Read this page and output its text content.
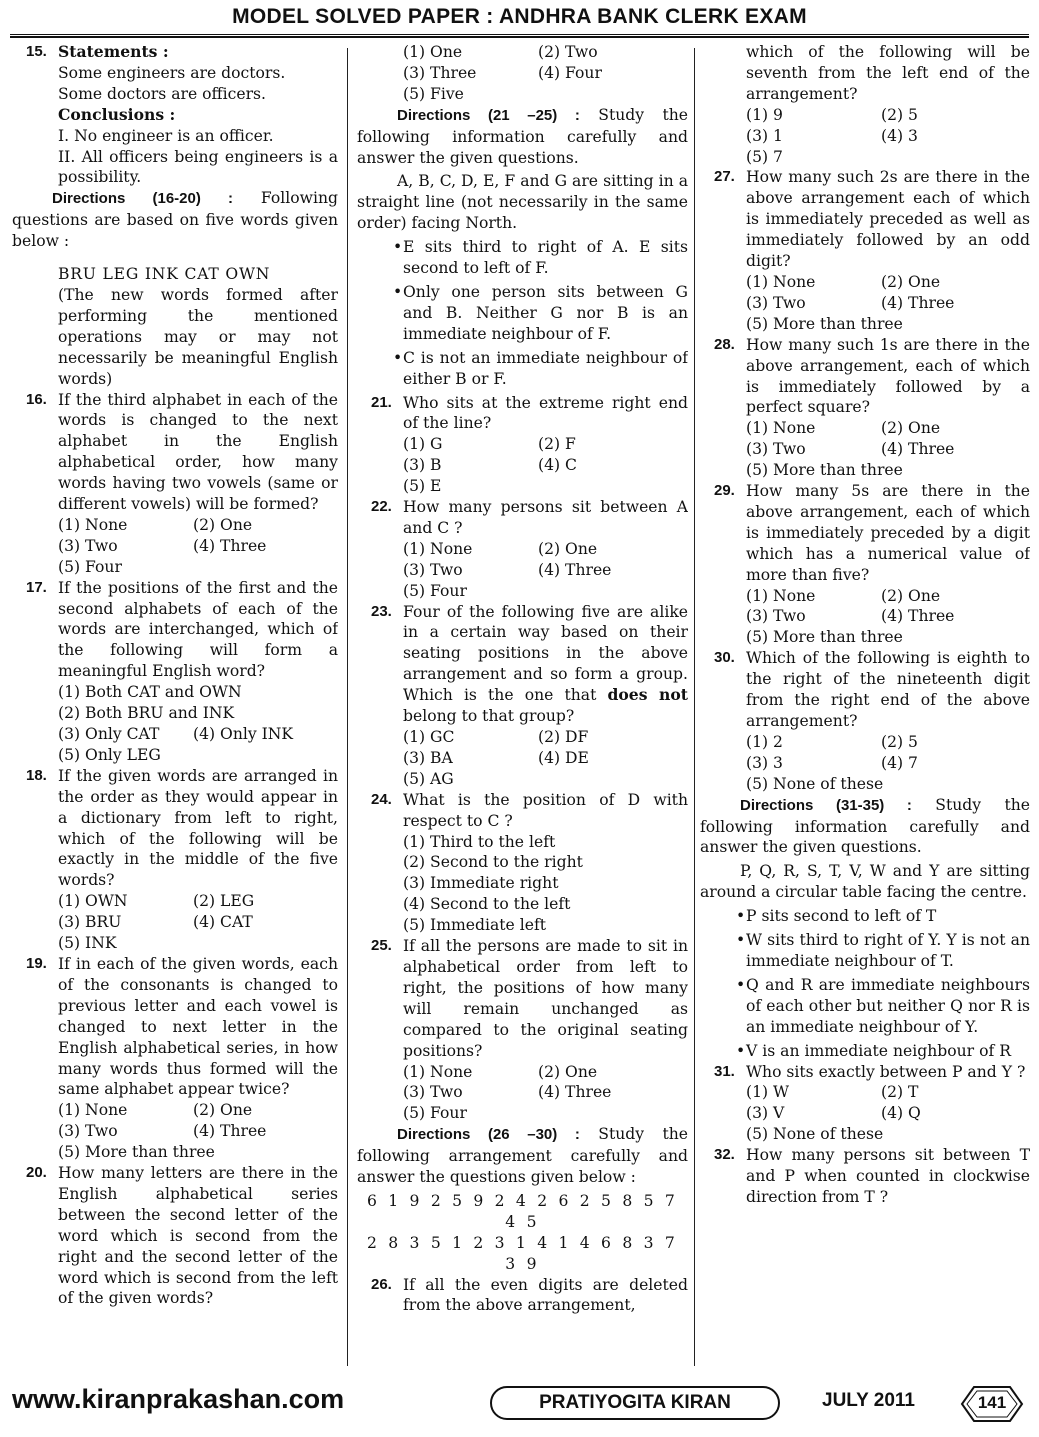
MODEL SOLVED PAPER : ANDHRA BANK CLERK EXAM
15. Statements :
Some engineers are doctors.
Some doctors are officers.
Conclusions :
I. No engineer is an officer.
II. All officers being engineers is a possibility.
Directions (16-20) : Following questions are based on five words given below :
BRU LEG INK CAT OWN
(The new words formed after performing the mentioned operations may or may not necessarily be meaningful English words)
16. If the third alphabet in each of the words is changed to the next alphabet in the English alphabetical order, how many words having two vowels (same or different vowels) will be formed?
(1) None	(2) One
(3) Two	(4) Three
(5) Four
17. If the positions of the first and the second alphabets of each of the words are interchanged, which of the following will form a meaningful English word?
(1) Both CAT and OWN
(2) Both BRU and INK
(3) Only CAT	(4) Only INK
(5) Only LEG
18. If the given words are arranged in the order as they would appear in a dictionary from left to right, which of the following will be exactly in the middle of the five words?
(1) OWN	(2) LEG
(3) BRU	(4) CAT
(5) INK
19. If in each of the given words, each of the consonants is changed to previous letter and each vowel is changed to next letter in the English alphabetical series, in how many words thus formed will the same alphabet appear twice?
(1) None	(2) One
(3) Two	(4) Three
(5) More than three
20. How many letters are there in the English alphabetical series between the second letter of the word which is second from the right and the second letter of the word which is second from the left of the given words?
(1) One	(2) Two
(3) Three	(4) Four
(5) Five
Directions (21 –25) : Study the following information carefully and answer the given questions.
A, B, C, D, E, F and G are sitting in a straight line (not necessarily in the same order) facing North.
• E sits third to right of A. E sits second to left of F.
• Only one person sits between G and B. Neither G nor B is an immediate neighbour of F.
• C is not an immediate neighbour of either B or F.
21. Who sits at the extreme right end of the line?
(1) G	(2) F
(3) B	(4) C
(5) E
22. How many persons sit between A and C ?
(1) None	(2) One
(3) Two	(4) Three
(5) Four
23. Four of the following five are alike in a certain way based on their seating positions in the above arrangement and so form a group. Which is the one that does not belong to that group?
(1) GC	(2) DF
(3) BA	(4) DE
(5) AG
24. What is the position of D with respect to C ?
(1) Third to the left
(2) Second to the right
(3) Immediate right
(4) Second to the left
(5) Immediate left
25. If all the persons are made to sit in alphabetical order from left to right, the positions of how many will remain unchanged as compared to the original seating positions?
(1) None	(2) One
(3) Two	(4) Three
(5) Four
Directions (26 –30) : Study the following arrangement carefully and answer the questions given below :
6 1 9 2 5 9 2 4 2 6 2 5 8 5 7 4 5
2 8 3 5 1 2 3 1 4 1 4 6 8 3 7 3 9
26. If all the even digits are deleted from the above arrangement,
which of the following will be seventh from the left end of the arrangement?
(1) 9	(2) 5
(3) 1	(4) 3
(5) 7
27. How many such 2s are there in the above arrangement each of which is immediately preceded as well as immediately followed by an odd digit?
(1) None	(2) One
(3) Two	(4) Three
(5) More than three
28. How many such 1s are there in the above arrangement, each of which is immediately followed by a perfect square?
(1) None	(2) One
(3) Two	(4) Three
(5) More than three
29. How many 5s are there in the above arrangement, each of which is immediately preceded by a digit which has a numerical value of more than five?
(1) None	(2) One
(3) Two	(4) Three
(5) More than three
30. Which of the following is eighth to the right of the nineteenth digit from the right end of the above arrangement?
(1) 2	(2) 5
(3) 3	(4) 7
(5) None of these
Directions (31-35) : Study the following information carefully and answer the given questions.
P, Q, R, S, T, V, W and Y are sitting around a circular table facing the centre.
• P sits second to left of T
• W sits third to right of Y. Y is not an immediate neighbour of T.
• Q and R are immediate neighbours of each other but neither Q nor R is an immediate neighbour of Y.
• V is an immediate neighbour of R
31. Who sits exactly between P and Y ?
(1) W	(2) T
(3) V	(4) Q
(5) None of these
32. How many persons sit between T and P when counted in clockwise direction from T ?
www.kiranprakashan.com	PRATIYOGITA KIRAN	JULY 2011	141
